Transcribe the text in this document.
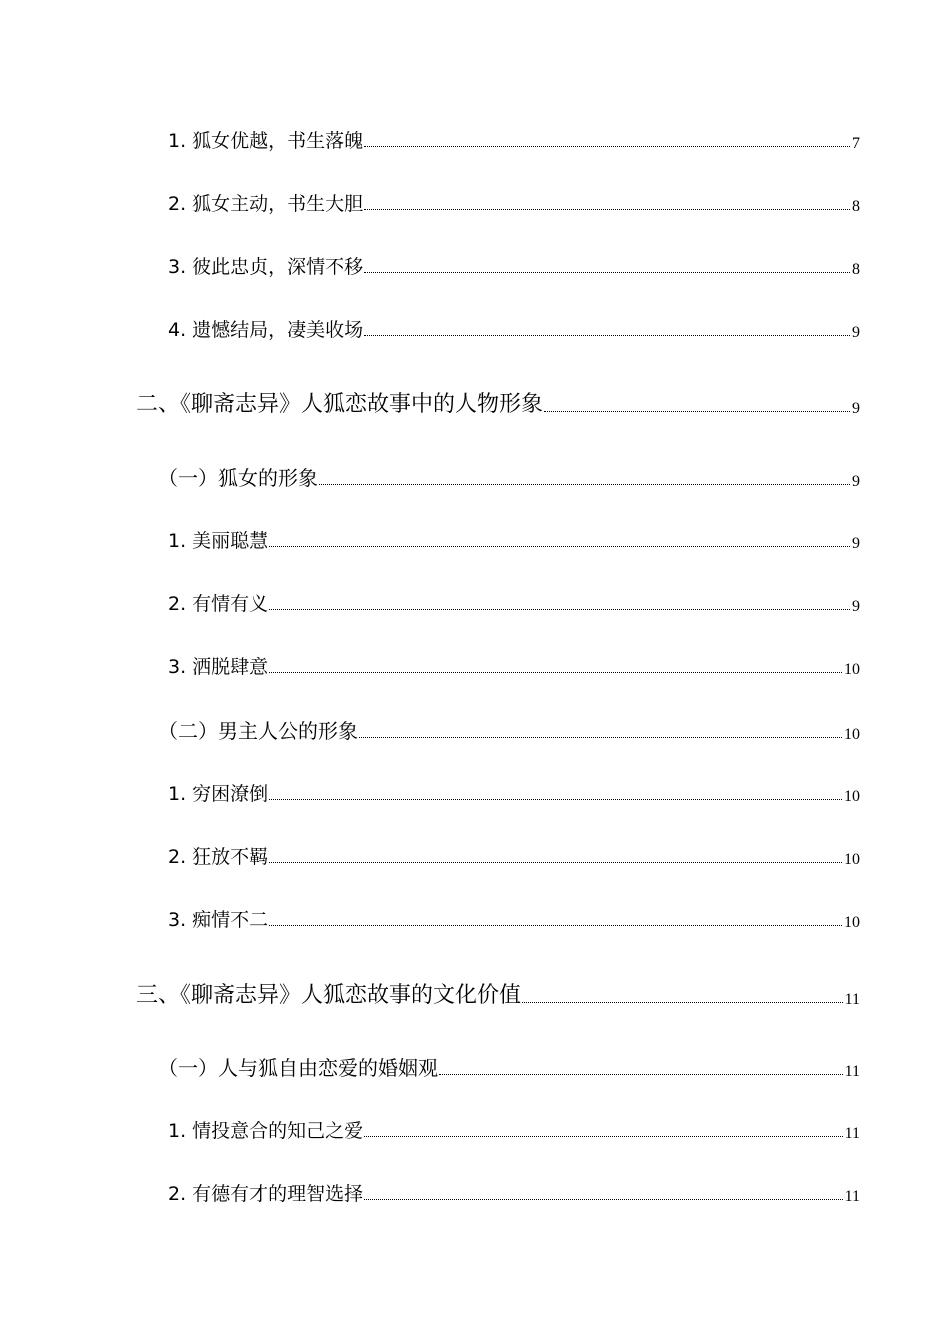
1. 狐女优越，书生落魄	7
2. 狐女主动，书生大胆	8
3. 彼此忠贞，深情不移	8
4. 遗憾结局，凄美收场	9
二、《聊斋志异》人狐恋故事中的人物形象	9
（一）狐女的形象	9
1. 美丽聪慧	9
2. 有情有义	9
3. 洒脱肆意	10
（二）男主人公的形象	10
1. 穷困潦倒	10
2. 狂放不羁	10
3. 痴情不二	10
三、《聊斋志异》人狐恋故事的文化价值	11
（一）人与狐自由恋爱的婚姻观	11
1. 情投意合的知己之爱	11
2. 有德有才的理智选择	11
